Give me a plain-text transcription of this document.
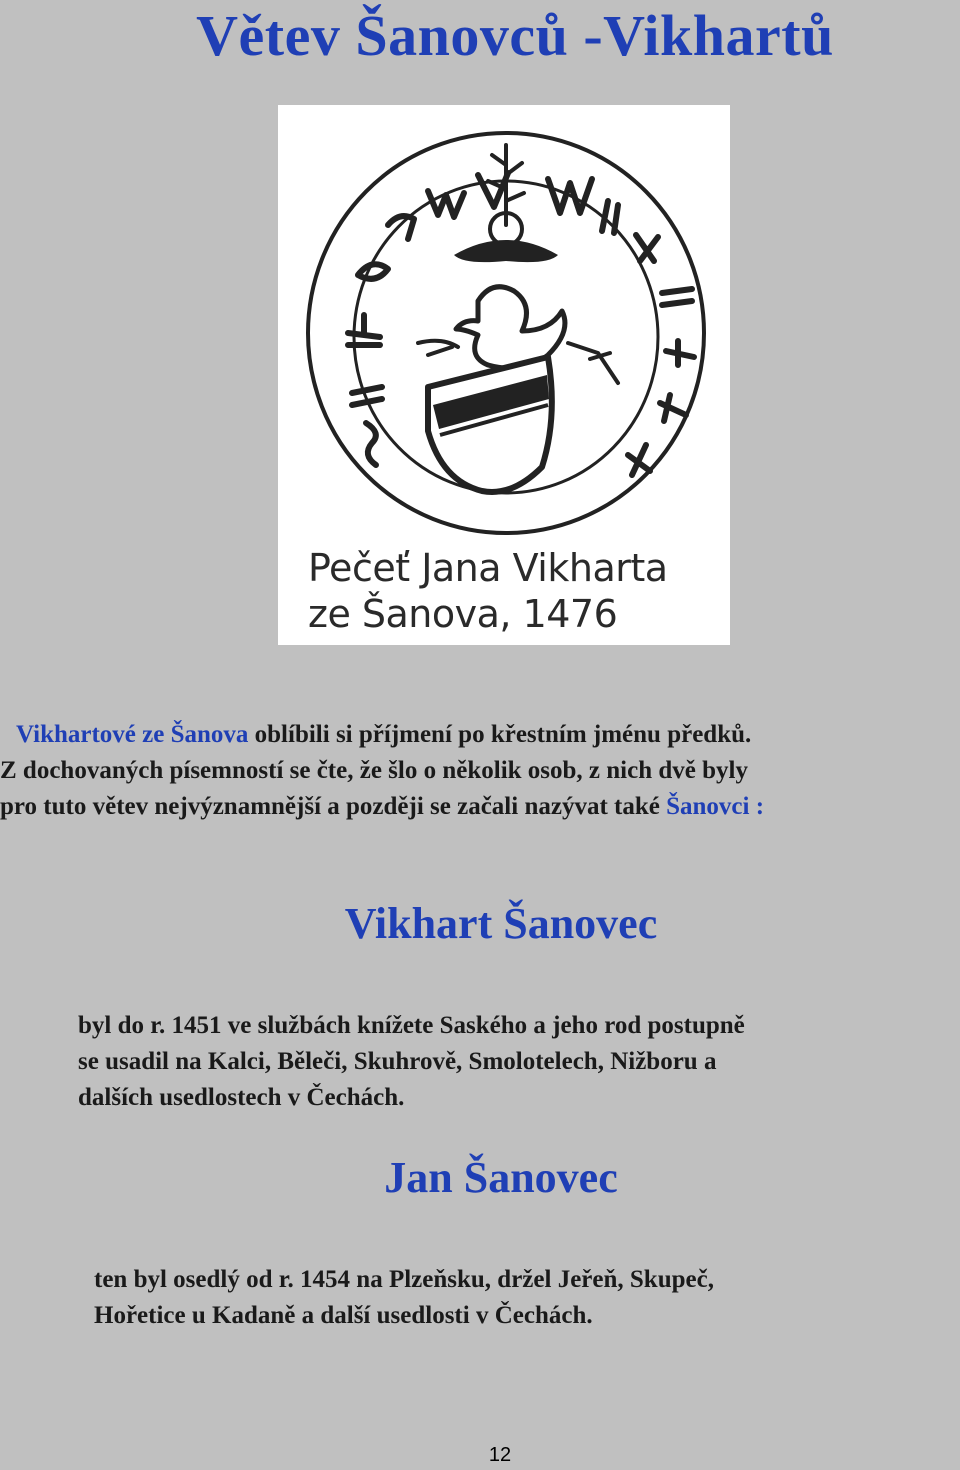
Větev Šanovců -Vikhartů
Pečeť Jana Vikharta
ze Šanova, 1476

Vikhartové ze Šanova oblíbili si příjmení po křestním jménu předků.
Z dochovaných písemností se čte, že šlo o několik osob, z nich dvě byly
pro tuto větev nejvýznamnější a později se začali nazývat také Šanovci :

Vikhart Šanovec

byl do r. 1451 ve službách knížete Saského a jeho rod postupně
se usadil na Kalci, Běleči, Skuhrově, Smolotelech, Nižboru a
dalších usedlostech v Čechách.

Jan Šanovec

ten byl osedlý od r. 1454 na Plzeňsku, držel Jeřeň, Skupeč,
Hořetice u Kadaně a další usedlosti v Čechách.

12
